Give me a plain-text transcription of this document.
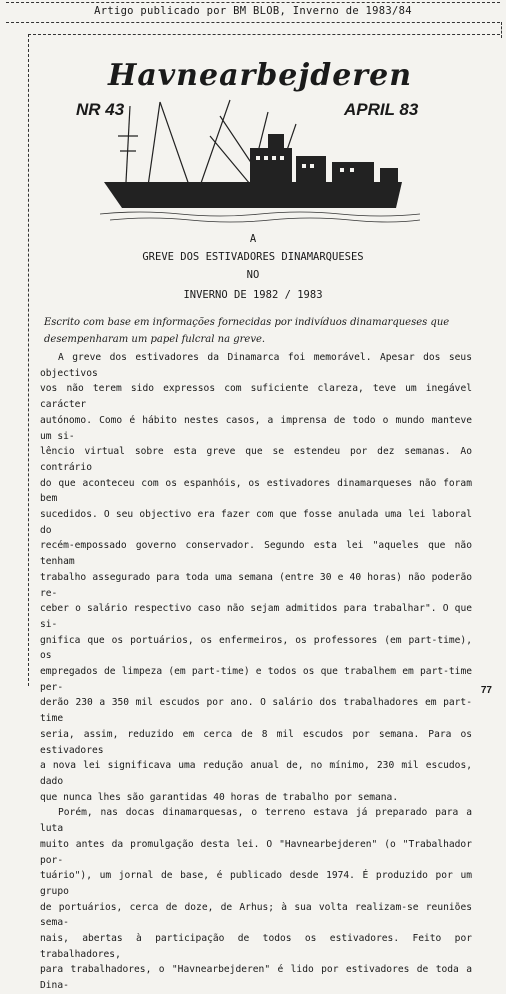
Artigo publicado por BM BLOB, Inverno de 1983/84
Havnearbejderen
NR 43	APRIL 83
A
GREVE DOS ESTIVADORES DINAMARQUESES
NO
INVERNO DE 1982 / 1983
Escrito com base em informações fornecidas por indivíduos dinamarqueses que
desempenharam um papel fulcral na greve.
A greve dos estivadores da Dinamarca foi memorável. Apesar dos seus objectivos
vos não terem sido expressos com suficiente clareza, teve um inegável carácter
autónomo. Como é hábito nestes casos, a imprensa de todo o mundo manteve um si-
lêncio virtual sobre esta greve que se estendeu por dez semanas. Ao contrário
do que aconteceu com os espanhóis, os estivadores dinamarqueses não foram bem
sucedidos. O seu objectivo era fazer com que fosse anulada uma lei laboral do
recém-empossado governo conservador. Segundo esta lei "aqueles que não tenham
trabalho assegurado para toda uma semana (entre 30 e 40 horas) não poderão re-
ceber o salário respectivo caso não sejam admitidos para trabalhar". O que si-
gnifica que os portuários, os enfermeiros, os professores (em part-time), os
empregados de limpeza (em part-time) e todos os que trabalhem em part-time per-
derão 230 a 350 mil escudos por ano. O salário dos trabalhadores em part-time
seria, assim, reduzido em cerca de 8 mil escudos por semana. Para os estivadores
a nova lei significava uma redução anual de, no mínimo, 230 mil escudos, dado
que nunca lhes são garantidas 40 horas de trabalho por semana.
Porém, nas docas dinamarquesas, o terreno estava já preparado para a luta
muito antes da promulgação desta lei. O "Havnearbejderen" (o "Trabalhador por-
tuário"), um jornal de base, é publicado desde 1974. É produzido por um grupo
de portuários, cerca de doze, de Arhus; à sua volta realizam-se reuniões sema-
nais, abertas à participação de todos os estivadores. Feito por trabalhadores,
para trabalhadores, o "Havnearbejderen" é lido por estivadores de toda a Dina-
77
